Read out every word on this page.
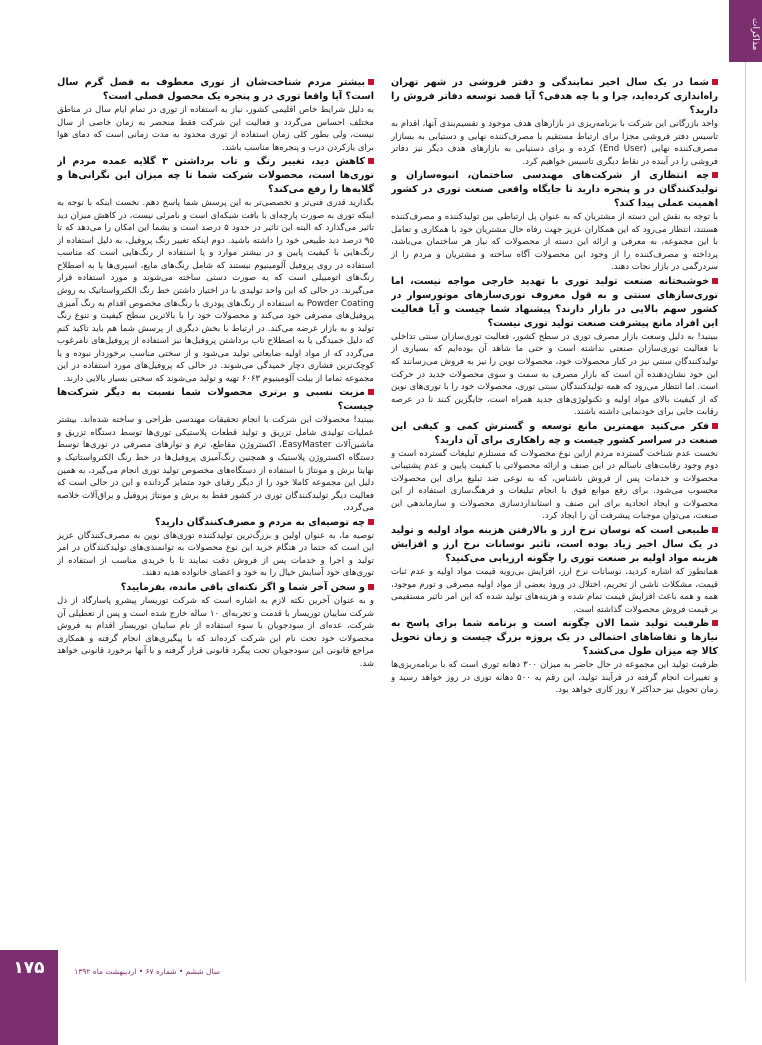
مذاکرات

شما در یک سال اخیر نمایندگی و دفتر فروشی در شهر تهران راه‌اندازی کرده‌اید، چرا و با چه هدفی؟ آیا قصد توسعه دفاتر فروش را دارید؟

واحد بازرگانی این شرکت با برنامه‌ریزی در بازارهای هدف موجود و تقسیم‌بندی آنها، اقدام به تاسیس دفتر فروشی مجزا برای ارتباط مستقیم با مصرف‌کننده نهایی و دستیابی به بسازار مصرف‌کننده نهایی (End User) کرده و برای دستیابی به بازارهای هدف دیگر نیز دفاتر فروشی را در آینده در نقاط دیگری تاسیس خواهیم کرد.

چه انتظاری از شرکت‌های مهندسی ساختمان، انبوه‌سازان و تولیدکنندگان در و پنجره دارید تا جایگاه واقعی صنعت توری در کشور اهمیت عملی پیدا کند؟

با توجه به نقش این دسته از مشتریان که به عنوان پل ارتباطی بین تولیدکننده و مصرف‌کننده هستند، انتظار می‌رود که این همکاران عزیز جهت رفاه حال مشتریان خود با همکاری و تعامل با این مجموعه، به معرفی و ارائه این دسته از محصولات که نیاز هر ساختمان می‌باشد، پرداخته و مصرف‌کننده را از وجود این محصولات آگاه ساخته و مشتریان و مردم را از سردرگمی در بازار نجات دهند.

خوشبختانه صنعت تولید توری با تهدید خارجی مواجه نیست، اما توری‌سازهای سنتی و به قول معروف توری‌سازهای موتورسوار در کشور سهم بالایی در بازار دارند؟ پیشنهاد شما چیست و آیا فعالیت این افراد مانع پیشرفت صنعت تولید توری نیست؟

ببینید! به دلیل وسعت بازار مصرف توری در سطح کشور، فعالیت توری‌سازان سنتی تداخلی با فعالیت توری‌سازان صنعتی نداشته است و حتی ما شاهد آن بوده‌ایم که بسیاری از تولیدکنندگان سنتی نیز در کنار محصولات خود، محصولات نوین را نیز به فروش می‌رسانند که این خود نشان‌دهنده آن است که بازار مصرف به سمت و سوی محصولات جدید در حرکت است. اما انتظار می‌رود که همه تولیدکنندگان سنتی توری، محصولات خود را با توری‌های نوین که از کیفیت بالای مواد اولیه و تکنولوژی‌های جدید همراه است، جایگزین کنند تا در عرصه رقابت جایی برای خودنمایی داشته باشند.

فکر می‌کنید مهمترین مانع توسعه و گسترش کمی و کیفی این صنعت در سراسر کشور چیست و چه راهکاری برای آن دارید؟

نخست عدم شناخت گسترده مردم ازاین نوع محصولات که مستلزم تبلیغات گسترده است و دوم وجود رقابت‌های ناسالم در این صنف و ارائه محصولاتی با کیفیت پایین و عدم پشتیبانی محصولات و خدمات پس از فروش ناشناس، که به نوعی ضد تبلیغ برای این محصولات محسوب می‌شود. برای رفع موانع فوق با انجام تبلیغات و فرهنگ‌سازی استفاده از این محصولات و ایجاد اتحادیه برای این صنف و استانداردسازی محصولات و سازماندهی این صنعت، می‌توان موجبات پیشرفت آن را ایجاد کرد.

طبیعی است که نوسان نرخ ارز و بالارفتن هزینه مواد اولیه و تولید در یک سال اخیر زیاد بوده است، تاثیر نوسانات نرخ ارز و افزایش هزینه مواد اولیه بر صنعت توری را چگونه ارزیابی می‌کنید؟

همانطور که اشاره کردید، نوسانات نرخ ارز، افزایش بی‌رویه قیمت مواد اولیه و عدم ثبات قیمت، مشکلات ناشی از تحریم، اختلال در ورود بعضی از مواد اولیه مصرفی و تورم موجود، همه و همه باعث افزایش قیمت تمام شده و هزینه‌های تولید شده که این امر تاثیر مستقیمی بر قیمت فروش محصولات گذاشته است.

ظرفیت تولید شما الان چگونه است و برنامه شما برای پاسخ به نیازها و تقاضاهای احتمالی در یک پروژه بزرگ چیست و زمان تحویل کالا چه میزان طول می‌کشد؟

ظرفیت تولید این مجموعه در حال حاضر به میزان ۳۰۰ دهانه توری است که با برنامه‌ریزی‌ها و تغییرات انجام گرفته در فرآیند تولید، این رقم به ۵۰۰ دهانه توری در روز خواهد رسید و زمان تحویل نیز حداکثر ۷ روز کاری خواهد بود.

بیشتر مردم شناخت‌شان از توری معطوف به فصل گرم سال است؟ آیا واقعا توری در و پنجره یک محصول فصلی است؟

به دلیل شرایط خاص اقلیمی کشور، نیاز به استفاده از توری در تمام ایام سال در مناطق مختلف احساس می‌گردد و فعالیت این شرکت فقط منحصر به زمان خاصی از سال نیست، ولی بطور کلی زمان استفاده از توری محدود به مدت زمانی است که دمای هوا برای بازکردن درب و پنجره‌ها مناسب باشد.

کاهش دید، تغییر رنگ و تاب برداشتن ۳ گلایه عمده مردم از توری‌ها است، محصولات شرکت شما تا چه میزان این نگرانی‌ها و گلایه‌ها را رفع می‌کند؟

بگذارید قدری فنی‌تر و تخصصی‌تر به این پرسش شما پاسخ دهم. نخست اینکه با توجه به اینکه توری به صورت پارچه‌ای با بافت شبکه‌ای است و نامرئی نیست، در کاهش میزان دید تاثیر می‌گذارد که البته این تاثیر در حدود ۵ درصد است و بشما این امکان را می‌دهد که تا ۹۵ درصد دید طبیعی خود را داشته باشید. دوم اینکه تغییر رنگ پروفیل، به دلیل استفاده از رنگ‌هایی با کیفیت پایین و در بیشتر موارد و یا استفاده از رنگ‌هایی است که مناسب استفاده در روی پروفیل آلومینیوم نیستند که شامل رنگ‌های مایع، اسپری‌ها یا به اصطلاح رنگ‌های اتومبیلی است که به صورت دستی ساخته می‌شوند و مورد استفاده قرار می‌گیرند. در حالی که این واحد تولیدی با در اختیار داشتن خط رنگ الکترواستاتیک به روش Powder Coating به استفاده از رنگ‌های پودری با رنگ‌های مخصوص اقدام به رنگ آمیزی پروفیل‌های مصرفی خود می‌کند و محصولات خود را با بالاترین سطح کیفیت و تنوع رنگ تولید و به بازار عرضه می‌کند. در ارتباط با بخش دیگری از پرسش شما هم باید تاکید کنم که دلیل خمیدگی یا به اصطلاح تاب برداشتن پروفیل‌ها نیز استفاده از پروفیل‌های نامرغوب می‌گردد که از مواد اولیه ضایعاتی تولید می‌شود و از سختی مناسب برخوردار نبوده و یا کوچک‌ترین فشاری دچار خمیدگی می‌شوند. در حالی که پروفیل‌های مورد استفاده در این مجموعه تماما از بیلت آلومینیوم ۶۰۶۳ تهیه و تولید می‌شوند که سختی بسیار بالایی دارند.

مزیت نسبی و برتری محصولات شما نسبت به دیگر شرکت‌ها چیست؟

ببینید! محصولات این شرکت با انجام تحقیقات مهندسی طراحی و ساخته شده‌اند. بیشتر عملیات تولیدی شامل تزریق و تولید قطعات پلاستیکی توری‌ها توسط دستگاه تزریق و ماشین‌آلات EasyMaster، اکستروژن مقاطع، ترم و نوارهای مصرفی در توری‌ها توسط دستگاه اکستروژن پلاستیک و همچنین رنگ‌آمیزی پروفیل‌ها در خط رنگ الکترواستاتیک و نهایتا برش و مونتاژ با استفاده از دستگاه‌های مخصوص تولید توری انجام می‌گیرد، به همین دلیل این مجموعه کاملا خود را از دیگر رقبای خود متمایز گردانده و این در حالی است که فعالیت دیگر تولیدکنندگان توری در کشور فقط به برش و مونتاژ پروفیل و یراق‌آلات خلاصه می‌گردد.

چه توصیه‌ای به مردم و مصرف‌کنندگان دارید؟

توصیه ما، به عنوان اولین و بزرگ‌ترین تولیدکننده توری‌های نوین به مصرف‌کنندگان عزیز این است که حتما در هنگام خرید این نوع محصولات به توانمندی‌های تولیدکنندگان در امر تولید و اجرا و خدمات پس از فروش دقت نمایند تا با خریدی مناسب از استفاده از توری‌های خود آسایش خیال را به خود و اعضای خانواده هدیه دهند.

و سخن آخر شما و اگر نکته‌ای باقی مانده، بفرمایید؟

و به عنوان آخرین نکته لازم به اشاره است که شرکت توریسار پیشرو پاسارگاد از دل شرکت سایبان توریسار با قدمت و تجربه‌ای ۱۰ ساله خارج شده است و پس از تعطیلی آن شرکت، عده‌ای از سودجویان با سوء استفاده از نام سایبان توریسار اقدام به فروش محصولات خود تحت نام این شرکت کرده‌اند که با پیگیری‌های انجام گرفته و همکاری مراجع قانونی این سودجویان تحت پیگرد قانونی قرار گرفته و با آنها برخورد قانونی خواهد شد.

۱۷۵	سال ششم • شماره ۶۷ • اردیبهشت ماه ۱۳۹۲
